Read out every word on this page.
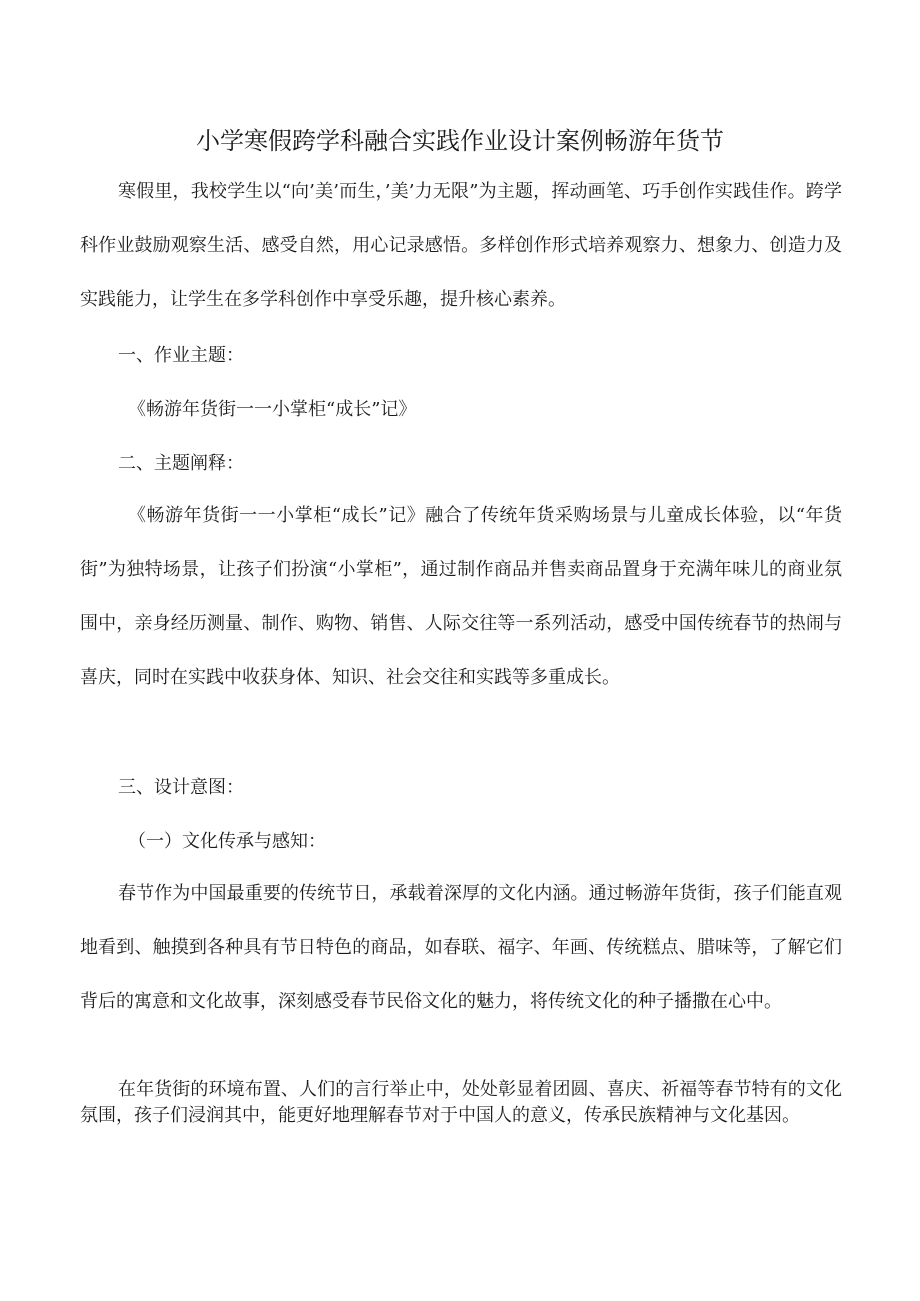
小学寒假跨学科融合实践作业设计案例畅游年货节

寒假里，我校学生以“向’美’而生，’美’力无限”为主题，挥动画笔、巧手创作实践佳作。跨学科作业鼓励观察生活、感受自然，用心记录感悟。多样创作形式培养观察力、想象力、创造力及实践能力，让学生在多学科创作中享受乐趣，提升核心素养。

一、作业主题：
《畅游年货街一一小掌柜“成长”记》
二、主题阐释：

《畅游年货街一一小掌柜“成长”记》融合了传统年货采购场景与儿童成长体验，以“年货街”为独特场景，让孩子们扮演“小掌柜”，通过制作商品并售卖商品置身于充满年味儿的商业氛围中，亲身经历测量、制作、购物、销售、人际交往等一系列活动，感受中国传统春节的热闹与喜庆，同时在实践中收获身体、知识、社会交往和实践等多重成长。

三、设计意图：
（一）文化传承与感知：

春节作为中国最重要的传统节日，承载着深厚的文化内涵。通过畅游年货街，孩子们能直观地看到、触摸到各种具有节日特色的商品，如春联、福字、年画、传统糕点、腊味等，了解它们背后的寓意和文化故事，深刻感受春节民俗文化的魅力，将传统文化的种子播撒在心中。

在年货街的环境布置、人们的言行举止中，处处彰显着团圆、喜庆、祈福等春节特有的文化氛围，孩子们浸润其中，能更好地理解春节对于中国人的意义，传承民族精神与文化基因。
